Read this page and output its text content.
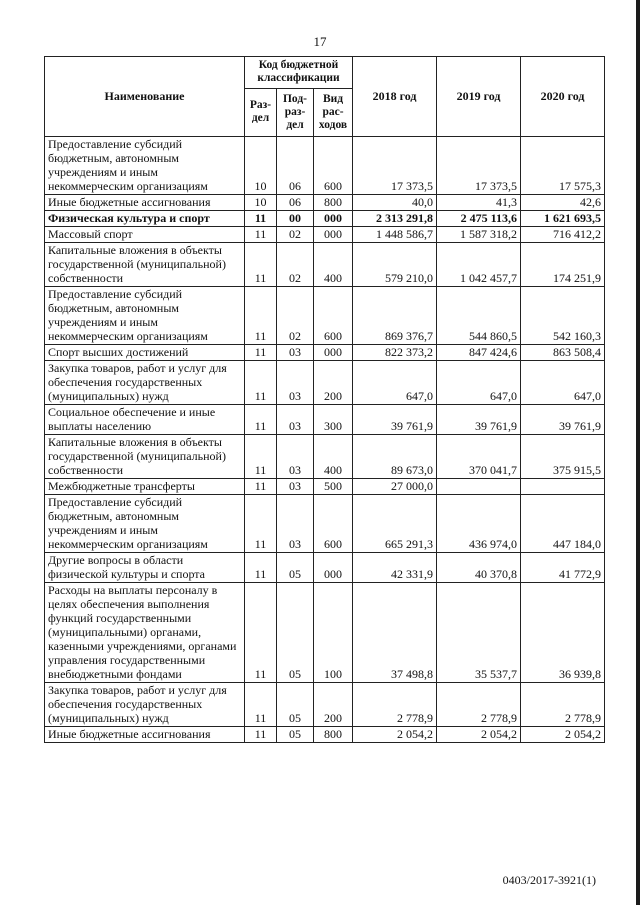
17
Наименование	Код бюджетной классификации			2018 год	2019 год	2020 год
	Раз-дел	Под-раз-дел	Вид рас-ходов			
Предоставление субсидий бюджетным, автономным учреждениям и иным некоммерческим организациям	10	06	600	17 373,5	17 373,5	17 575,3
Иные бюджетные ассигнования	10	06	800	40,0	41,3	42,6
Физическая культура и спорт	11	00	000	2 313 291,8	2 475 113,6	1 621 693,5
Массовый спорт	11	02	000	1 448 586,7	1 587 318,2	716 412,2
Капитальные вложения в объекты государственной (муниципальной) собственности	11	02	400	579 210,0	1 042 457,7	174 251,9
Предоставление субсидий бюджетным, автономным учреждениям и иным некоммерческим организациям	11	02	600	869 376,7	544 860,5	542 160,3
Спорт высших достижений	11	03	000	822 373,2	847 424,6	863 508,4
Закупка товаров, работ и услуг для обеспечения государственных (муниципальных) нужд	11	03	200	647,0	647,0	647,0
Социальное обеспечение и иные выплаты населению	11	03	300	39 761,9	39 761,9	39 761,9
Капитальные вложения в объекты государственной (муниципальной) собственности	11	03	400	89 673,0	370 041,7	375 915,5
Межбюджетные трансферты	11	03	500	27 000,0		
Предоставление субсидий бюджетным, автономным учреждениям и иным некоммерческим организациям	11	03	600	665 291,3	436 974,0	447 184,0
Другие вопросы в области физической культуры и спорта	11	05	000	42 331,9	40 370,8	41 772,9
Расходы на выплаты персоналу в целях обеспечения выполнения функций государственными (муниципальными) органами, казенными учреждениями, органами управления государственными внебюджетными фондами	11	05	100	37 498,8	35 537,7	36 939,8
Закупка товаров, работ и услуг для обеспечения государственных (муниципальных) нужд	11	05	200	2 778,9	2 778,9	2 778,9
Иные бюджетные ассигнования	11	05	800	2 054,2	2 054,2	2 054,2
0403/2017-3921(1)
